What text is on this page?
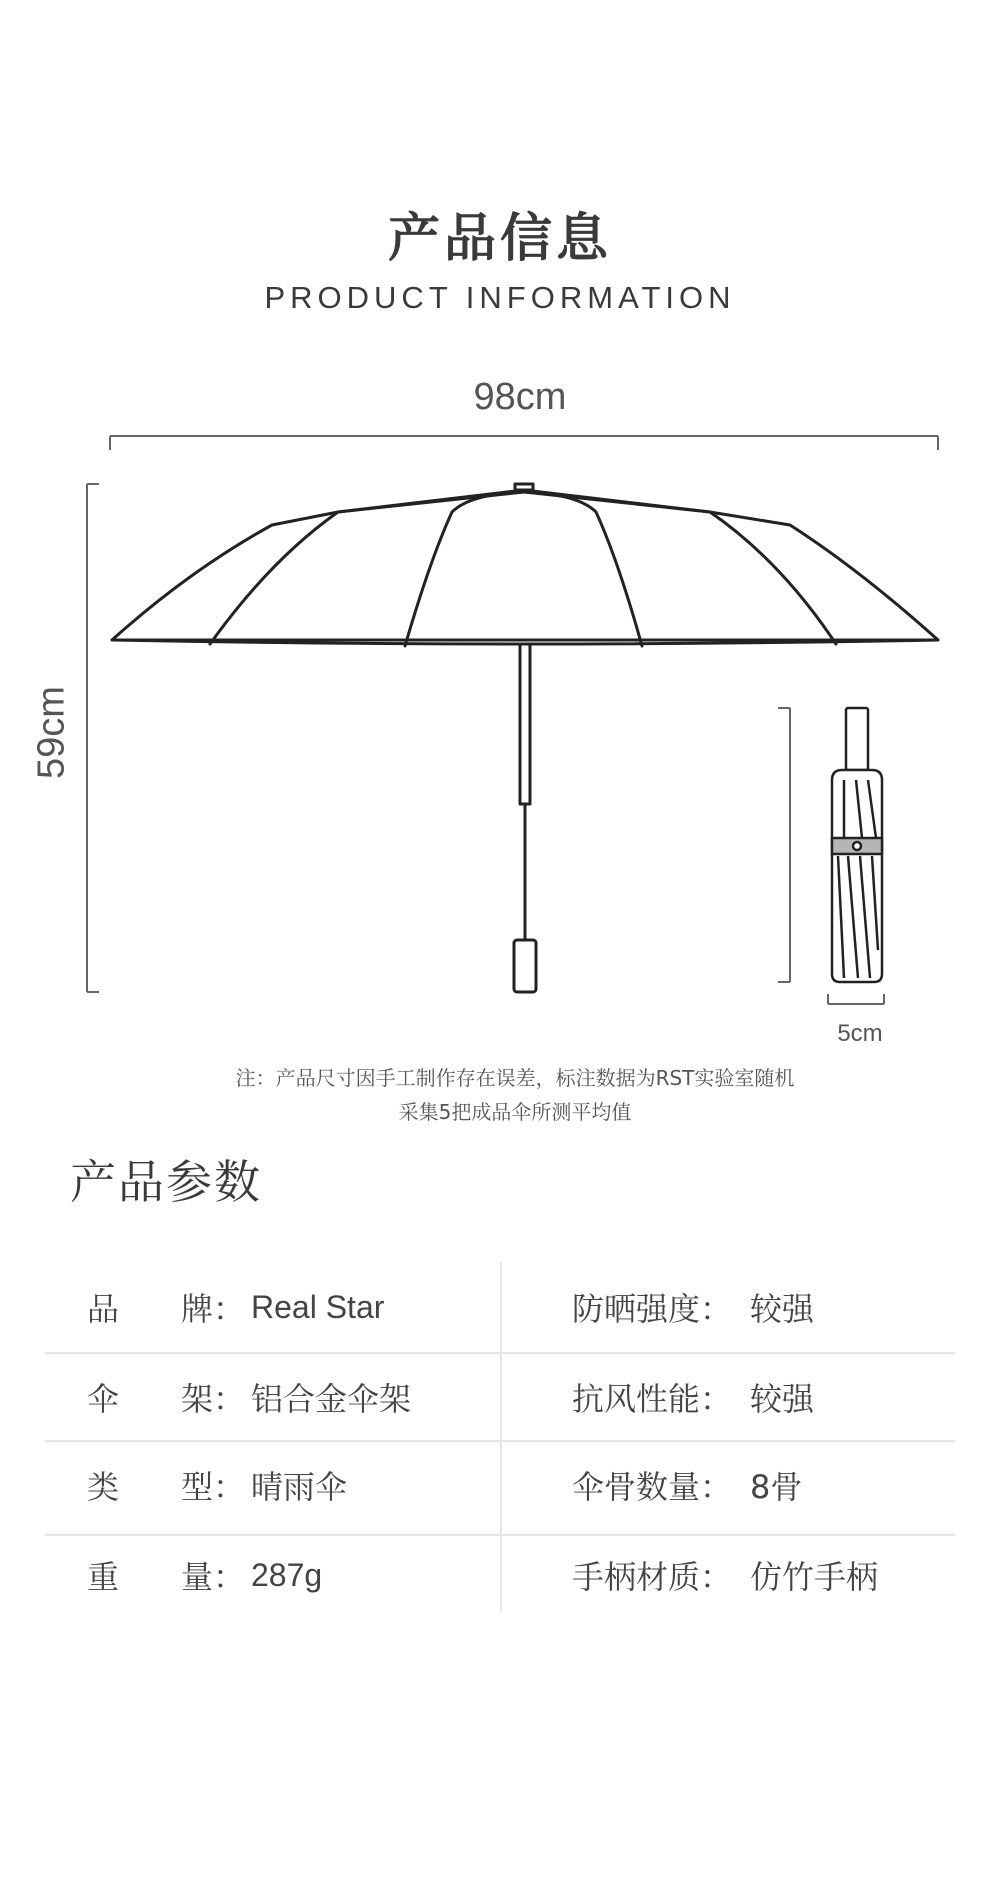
产品信息
PRODUCT INFORMATION
98cm
59cm
5cm
注：产品尺寸因手工制作存在误差，标注数据为RST实验室随机
采集5把成品伞所测平均值
产品参数
品 牌： Real Star	防晒强度： 较强
伞 架： 铝合金伞架	抗风性能： 较强
类 型： 晴雨伞	伞骨数量： 8骨
重 量： 287g	手柄材质： 仿竹手柄
